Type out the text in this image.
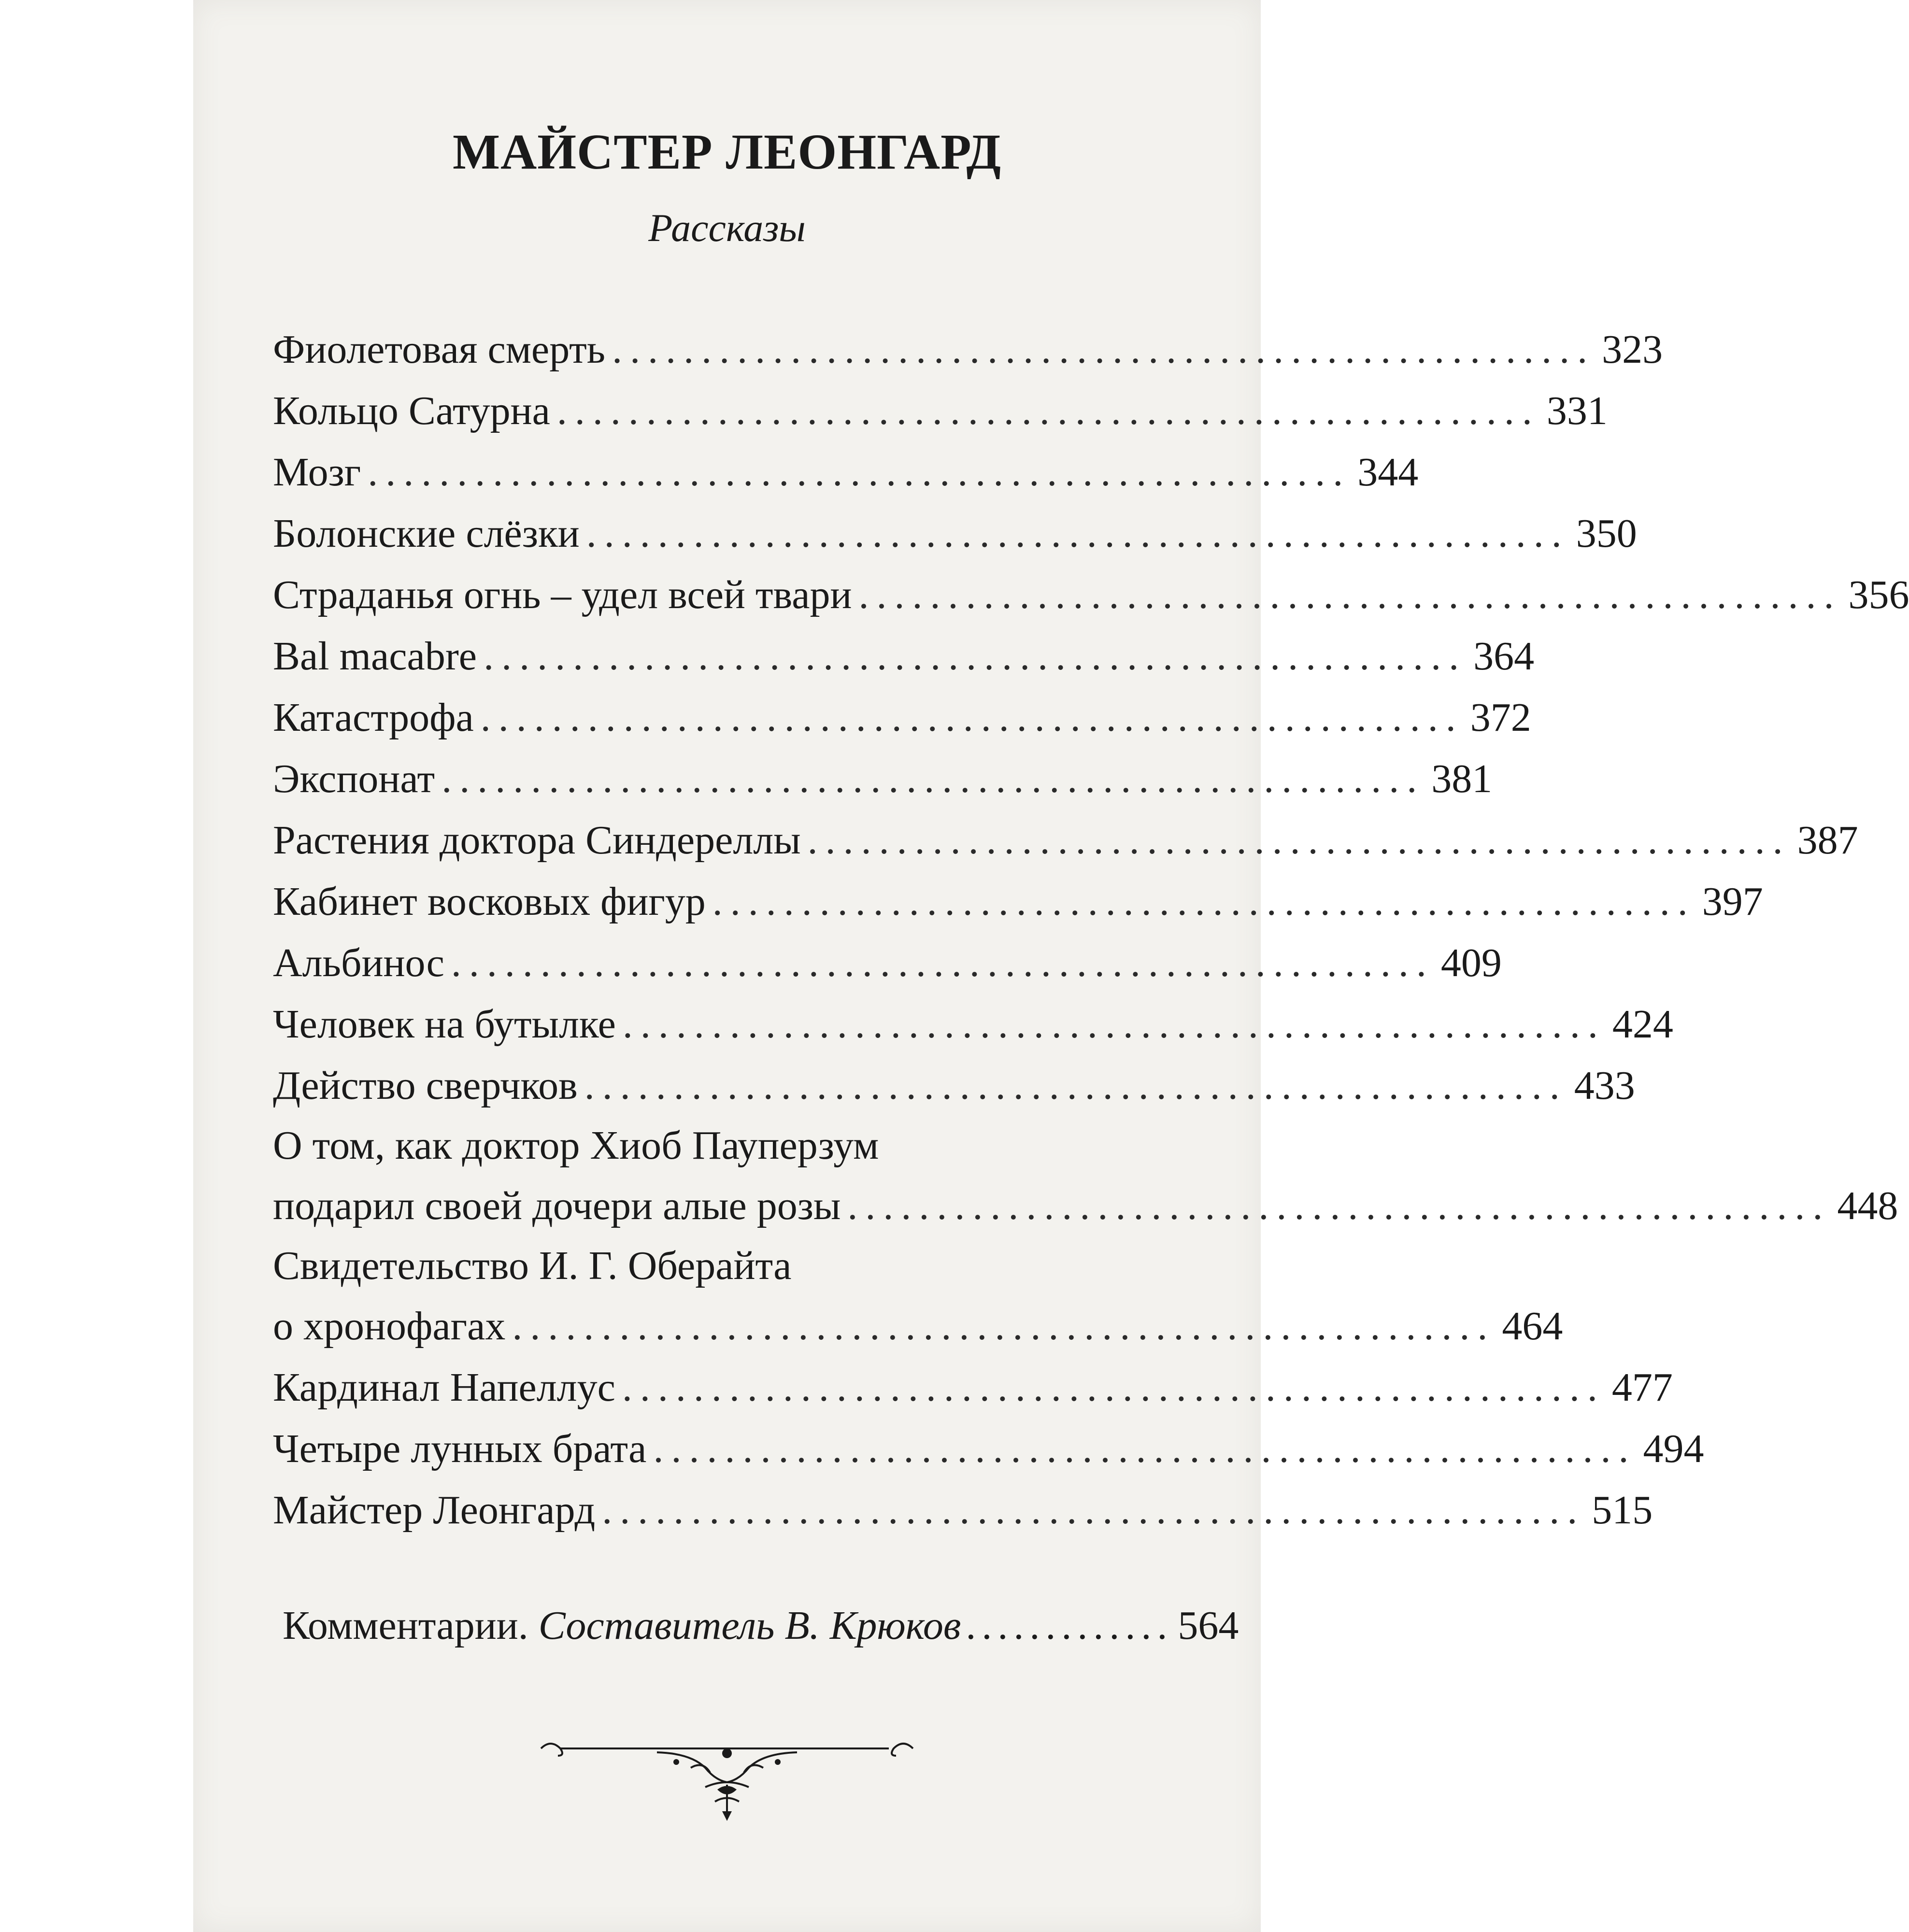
МАЙСТЕР ЛЕОНГАРД
Рассказы
Фиолетовая смерть ....................................................... 323
Кольцо Сатурна ....................................................... 331
Мозг ....................................................... 344
Болонские слёзки ....................................................... 350
Страданья огнь – удел всей твари ....................................................... 356
Bal macabre ....................................................... 364
Катастрофа ....................................................... 372
Экспонат ....................................................... 381
Растения доктора Синдереллы ....................................................... 387
Кабинет восковых фигур ....................................................... 397
Альбинос ....................................................... 409
Человек на бутылке ....................................................... 424
Действо сверчков ....................................................... 433
О том, как доктор Хиоб Пауперзум
подарил своей дочери алые розы ....................................................... 448
Свидетельство И. Г. Оберайта
о хронофагах ....................................................... 464
Кардинал Напеллус ....................................................... 477
Четыре лунных брата ....................................................... 494
Майстер Леонгард ....................................................... 515
Комментарии.
Составитель В. Крюков ............. 564
